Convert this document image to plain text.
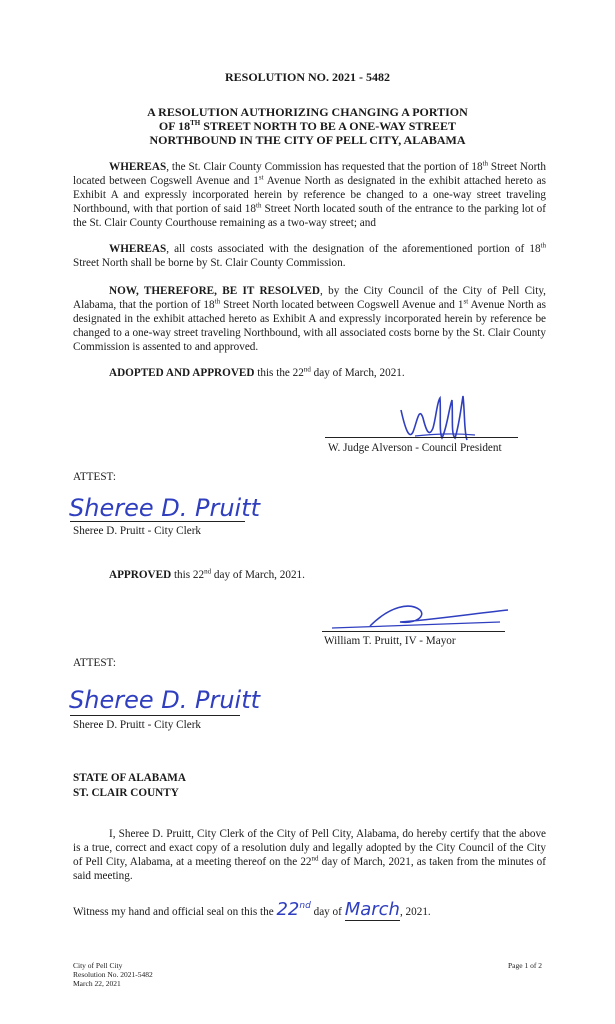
RESOLUTION NO. 2021 - 5482
A RESOLUTION AUTHORIZING CHANGING A PORTION
OF 18TH STREET NORTH TO BE A ONE-WAY STREET
NORTHBOUND IN THE CITY OF PELL CITY, ALABAMA
WHEREAS, the St. Clair County Commission has requested that the portion of 18th Street North located between Cogswell Avenue and 1st Avenue North as designated in the exhibit attached hereto as Exhibit A and expressly incorporated herein by reference be changed to a one-way street traveling Northbound, with that portion of said 18th Street North located south of the entrance to the parking lot of the St. Clair County Courthouse remaining as a two-way street; and
WHEREAS, all costs associated with the designation of the aforementioned portion of 18th Street North shall be borne by St. Clair County Commission.
NOW, THEREFORE, BE IT RESOLVED, by the City Council of the City of Pell City, Alabama, that the portion of 18th Street North located between Cogswell Avenue and 1st Avenue North as designated in the exhibit attached hereto as Exhibit A and expressly incorporated herein by reference be changed to a one-way street traveling Northbound, with all associated costs borne by the St. Clair County Commission is assented to and approved.
ADOPTED AND APPROVED this the 22nd day of March, 2021.
W. Judge Alverson - Council President
ATTEST:
Sheree D. Pruitt
Sheree D. Pruitt - City Clerk
APPROVED this 22nd day of March, 2021.
William T. Pruitt, IV - Mayor
ATTEST:
Sheree D. Pruitt
Sheree D. Pruitt - City Clerk
STATE OF ALABAMA
ST. CLAIR COUNTY
I, Sheree D. Pruitt, City Clerk of the City of Pell City, Alabama, do hereby certify that the above is a true, correct and exact copy of a resolution duly and legally adopted by the City Council of the City of Pell City, Alabama, at a meeting thereof on the 22nd day of March, 2021, as taken from the minutes of said meeting.
Witness my hand and official seal on this the 22nd day of March, 2021.
City of Pell City
Resolution No. 2021-5482
March 22, 2021
Page 1 of 2
